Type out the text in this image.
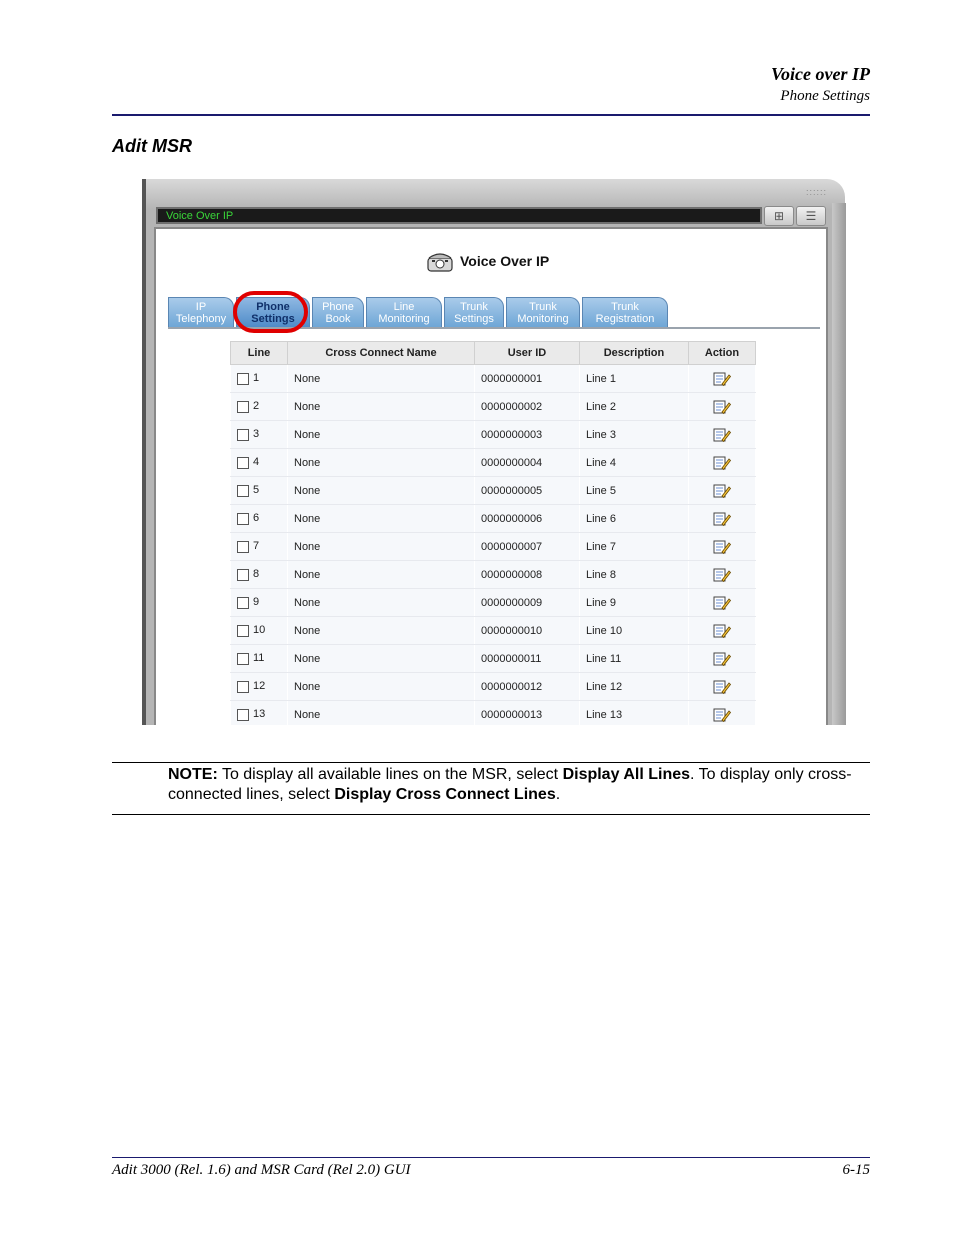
Voice over IP
Phone Settings
Adit MSR
::::::
Voice Over IP	⊞	☰
Voice Over IP
IP
Telephony
Phone
Settings
Phone
Book
Line
Monitoring
Trunk
Settings
Trunk
Monitoring
Trunk
Registration
Line	Cross Connect Name	User ID	Description	Action
1	None	0000000001	Line 1	
2	None	0000000002	Line 2	
3	None	0000000003	Line 3	
4	None	0000000004	Line 4	
5	None	0000000005	Line 5	
6	None	0000000006	Line 6	
7	None	0000000007	Line 7	
8	None	0000000008	Line 8	
9	None	0000000009	Line 9	
10	None	0000000010	Line 10	
11	None	0000000011	Line 11	
12	None	0000000012	Line 12	
13	None	0000000013	Line 13	
NOTE: To display all available lines on the MSR, select Display All Lines. To display only cross-connected lines, select Display Cross Connect Lines.
Adit 3000 (Rel. 1.6) and MSR Card (Rel 2.0) GUI	6-15
